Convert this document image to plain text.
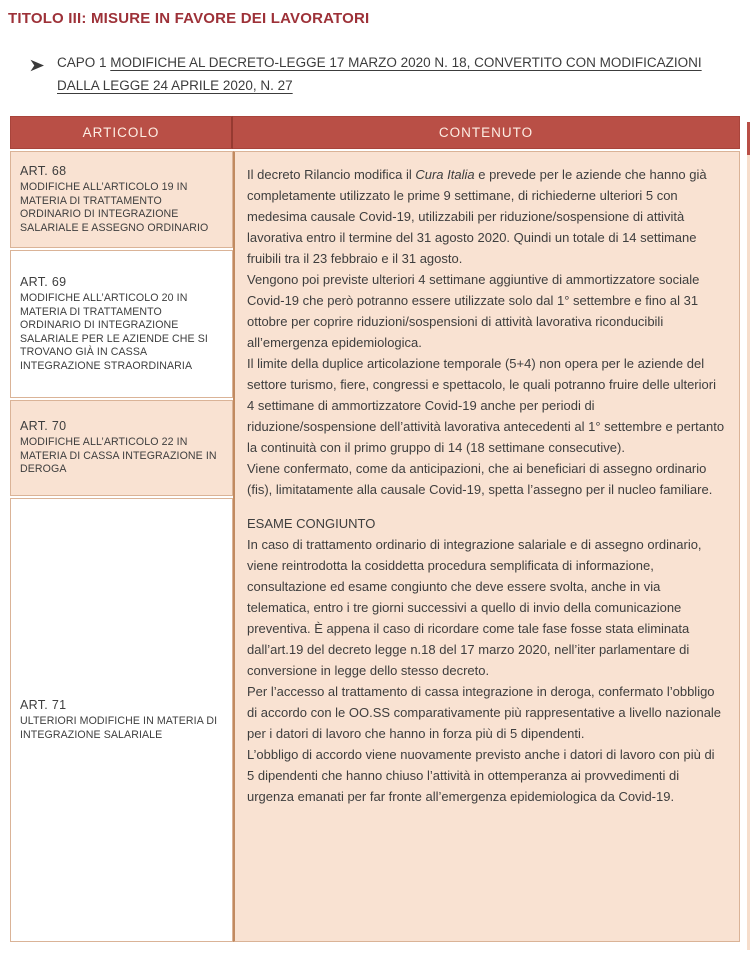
TITOLO III: MISURE IN FAVORE DEI LAVORATORI
CAPO 1 MODIFICHE AL DECRETO-LEGGE 17 MARZO 2020 N. 18, CONVERTITO CON MODIFICAZIONI DALLA LEGGE 24 APRILE 2020, N. 27
ARTICOLO	CONTENUTO
ART. 68
MODIFICHE ALL’ARTICOLO 19 IN MATERIA DI TRATTAMENTO ORDINARIO DI INTEGRAZIONE SALARIALE E ASSEGNO ORDINARIO
ART. 69
MODIFICHE ALL’ARTICOLO 20 IN MATERIA DI TRATTAMENTO ORDINARIO DI INTEGRAZIONE SALARIALE PER LE AZIENDE CHE SI TROVANO GIÀ IN CASSA INTEGRAZIONE STRAORDINARIA
ART. 70
MODIFICHE ALL’ARTICOLO 22 IN MATERIA DI CASSA INTEGRAZIONE IN DEROGA
ART. 71
ULTERIORI MODIFICHE IN MATERIA DI INTEGRAZIONE SALARIALE
Il decreto Rilancio modifica il Cura Italia e prevede per le aziende che hanno già completamente utilizzato le prime 9 settimane, di richiederne ulteriori 5 con medesima causale Covid-19, utilizzabili per riduzione/sospensione di attività lavorativa entro il termine del 31 agosto 2020. Quindi un totale di 14 settimane fruibili tra il 23 febbraio e il 31 agosto.
Vengono poi previste ulteriori 4 settimane aggiuntive di ammortizzatore sociale Covid-19 che però potranno essere utilizzate solo dal 1° settembre e fino al 31 ottobre per coprire riduzioni/sospensioni di attività lavorativa riconducibili all’emergenza epidemiologica.
Il limite della duplice articolazione temporale (5+4) non opera per le aziende del settore turismo, fiere, congressi e spettacolo, le quali potranno fruire delle ulteriori 4 settimane di ammortizzatore Covid-19 anche per periodi di riduzione/sospensione dell’attività lavorativa antecedenti al 1° settembre e pertanto la continuità con il primo gruppo di 14 (18 settimane consecutive).
Viene confermato, come da anticipazioni, che ai beneficiari di assegno ordinario (fis), limitatamente alla causale Covid-19, spetta l’assegno per il nucleo familiare.
ESAME CONGIUNTO
In caso di trattamento ordinario di integrazione salariale e di assegno ordinario, viene reintrodotta la cosiddetta procedura semplificata di informazione, consultazione ed esame congiunto che deve essere svolta, anche in via telematica, entro i tre giorni successivi a quello di invio della comunicazione preventiva. È appena il caso di ricordare come tale fase fosse stata eliminata dall’art.19 del decreto legge n.18 del 17 marzo 2020, nell’iter parlamentare di conversione in legge dello stesso decreto.
Per l’accesso al trattamento di cassa integrazione in deroga, confermato l’obbligo di accordo con le OO.SS comparativamente più rappresentative a livello nazionale per i datori di lavoro che hanno in forza più di 5 dipendenti.
L’obbligo di accordo viene nuovamente previsto anche i datori di lavoro con più di 5 dipendenti che hanno chiuso l’attività in ottemperanza ai provvedimenti di urgenza emanati per far fronte all’emergenza epidemiologica da Covid-19.
